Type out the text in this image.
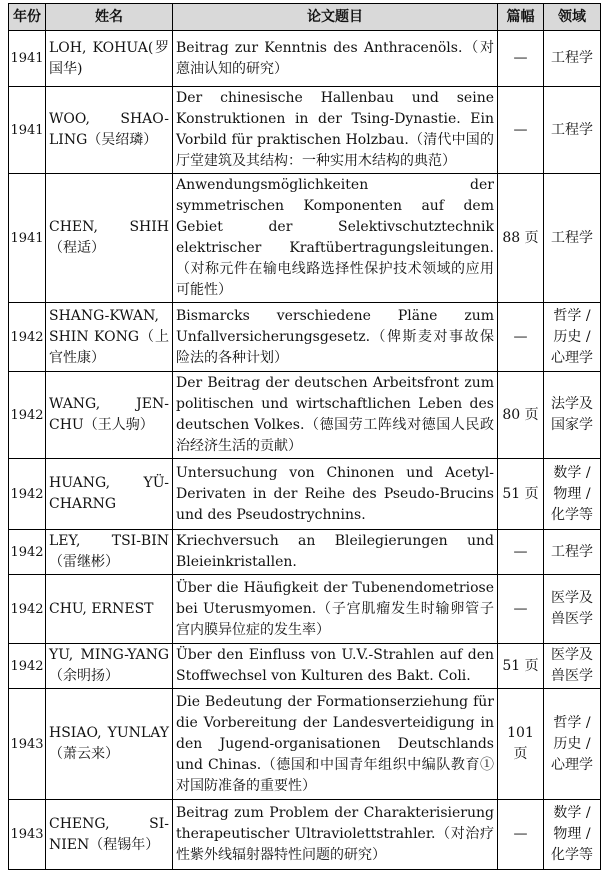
年份	姓名	论文题目	篇幅	领域
1941	LOH, KOHUA(罗国华)	Beitrag zur Kenntnis des Anthracenöls.（对蒽油认知的研究）	—	工程学
1941	WOO, SHAO-LING（吴绍璘）	Der chinesische Hallenbau und seine Konstruktionen in der Tsing-Dynastie. Ein Vorbild für praktischen Holzbau.（清代中国的厅堂建筑及其结构：一种实用木结构的典范）	—	工程学
1941	CHEN, SHIH（程适）	Anwendungsmöglichkeiten der symmetrischen Komponenten auf dem Gebiet der Selektivschutztechnik elektrischer Kraftübertragungsleitungen.（对称元件在输电线路选择性保护技术领域的应用可能性）	88 页	工程学
1942	SHANG-KWAN, SHIN KONG（上官性康）	Bismarcks verschiedene Pläne zum Unfallversicherungsgesetz.（俾斯麦对事故保险法的各种计划）	—	哲学 / 历史 / 心理学
1942	WANG, JEN-CHU（王人驹）	Der Beitrag der deutschen Arbeitsfront zum politischen und wirtschaftlichen Leben des deutschen Volkes.（德国劳工阵线对德国人民政治经济生活的贡献）	80 页	法学及国家学
1942	HUANG, YÜ-CHARNG	Untersuchung von Chinonen und Acetyl-Derivaten in der Reihe des Pseudo-Brucins und des Pseudostrychnins.	51 页	数学 / 物理 / 化学等
1942	LEY, TSI-BIN（雷继彬）	Kriechversuch an Bleilegierungen und Bleieinkristallen.	—	工程学
1942	CHU, ERNEST	Über die Häufigkeit der Tubenendometriose bei Uterusmyomen.（子宫肌瘤发生时输卵管子宫内膜异位症的发生率）	—	医学及兽医学
1942	YU, MING-YANG（余明扬）	Über den Einfluss von U.V.-Strahlen auf den Stoffwechsel von Kulturen des Bakt. Coli.	51 页	医学及兽医学
1943	HSIAO, YUNLAY（萧云来）	Die Bedeutung der Formationserziehung für die Vorbereitung der Landesverteidigung in den Jugend-organisationen Deutschlands und Chinas.（德国和中国青年组织中编队教育①对国防准备的重要性）	101 页	哲学 / 历史 / 心理学
1943	CHENG, SI-NIEN（程锡年）	Beitrag zum Problem der Charakterisierung therapeutischer Ultraviolettstrahler.（对治疗性紫外线辐射器特性问题的研究）	—	数学 / 物理 / 化学等
